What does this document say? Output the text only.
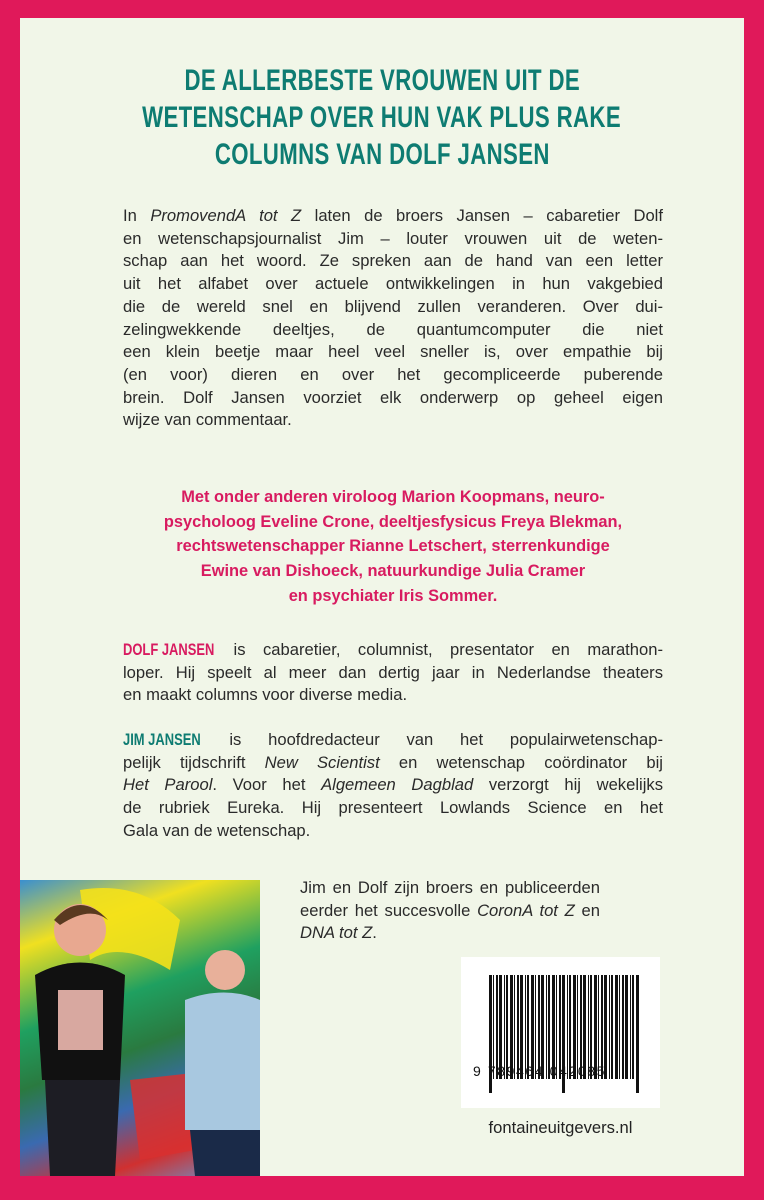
DE ALLERBESTE VROUWEN UIT DE
WETENSCHAP OVER HUN VAK PLUS RAKE
COLUMNS VAN DOLF JANSEN
In PromovendA tot Z laten de broers Jansen – cabaretier Dolf
en wetenschapsjournalist Jim – louter vrouwen uit de weten-
schap aan het woord. Ze spreken aan de hand van een letter
uit het alfabet over actuele ontwikkelingen in hun vakgebied
die de wereld snel en blijvend zullen veranderen. Over dui-
zelingwekkende deeltjes, de quantumcomputer die niet
een klein beetje maar heel veel sneller is, over empathie bij
(en voor) dieren en over het gecompliceerde puberende
brein. Dolf Jansen voorziet elk onderwerp op geheel eigen
wijze van commentaar.
Met onder anderen viroloog Marion Koopmans, neuro-
psycholoog Eveline Crone, deeltjesfysicus Freya Blekman,
rechtswetenschapper Rianne Letschert, sterrenkundige
Ewine van Dishoeck, natuurkundige Julia Cramer
en psychiater Iris Sommer.
DOLF JANSEN is cabaretier, columnist, presentator en marathon-
loper. Hij speelt al meer dan dertig jaar in Nederlandse theaters
en maakt columns voor diverse media.
JIM JANSEN is hoofdredacteur van het populairwetenschap-
pelijk tijdschrift New Scientist en wetenschap coördinator bij
Het Parool. Voor het Algemeen Dagblad verzorgt hij wekelijks
de rubriek Eureka. Hij presenteert Lowlands Science en het
Gala van de wetenschap.
Jim en Dolf zijn broers en publiceerden
eerder het succesvolle CoronA tot Z en
DNA tot Z.
9 789464 042085
fontaineuitgevers.nl
